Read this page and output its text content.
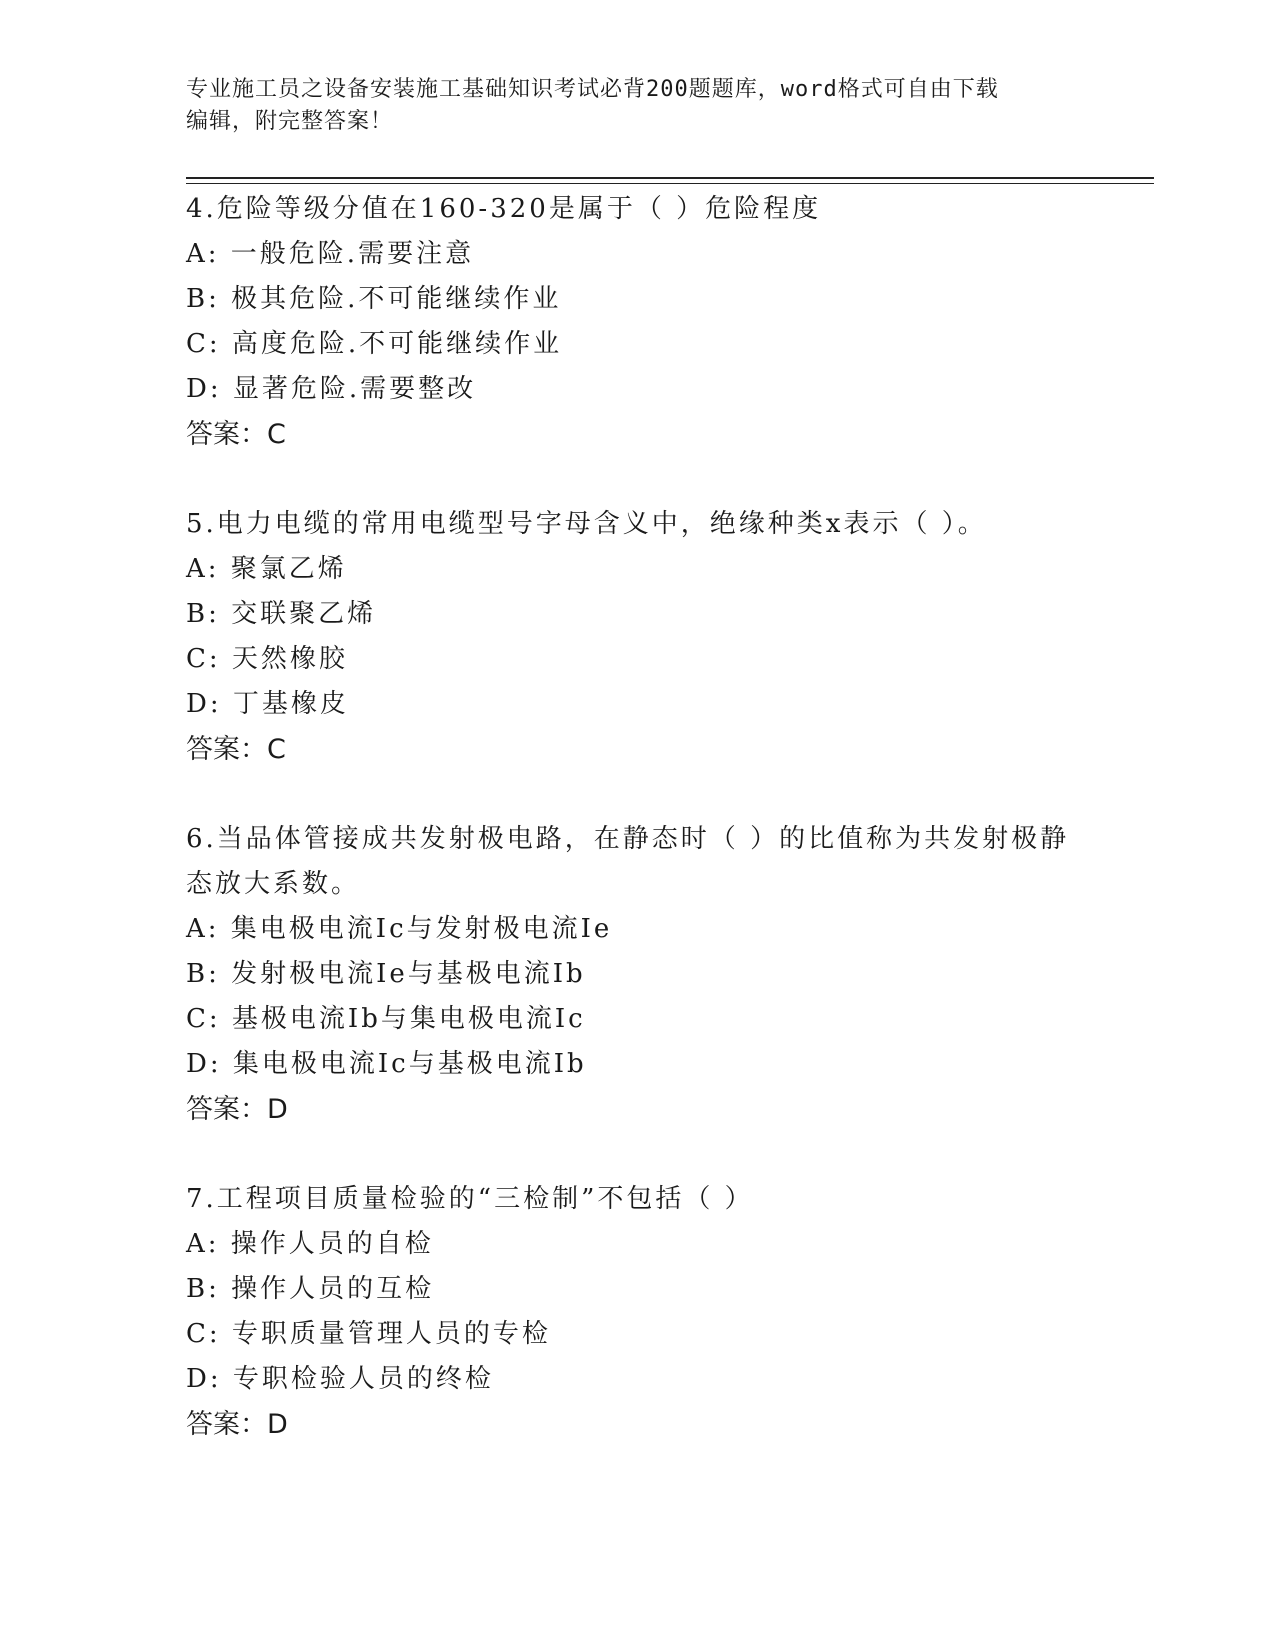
专业施工员之设备安装施工基础知识考试必背200题题库，word格式可自由下载
编辑，附完整答案！

4.危险等级分值在160-320是属于（ ）危险程度

A: 一般危险.需要注意

B: 极其危险.不可能继续作业

C: 高度危险.不可能继续作业

D: 显著危险.需要整改

答案：C

5.电力电缆的常用电缆型号字母含义中，绝缘种类x表示（ ）。

A: 聚氯乙烯

B: 交联聚乙烯

C: 天然橡胶

D: 丁基橡皮

答案：C

6.当品体管接成共发射极电路，在静态时（ ）的比值称为共发射极静

态放大系数。

A: 集电极电流Ic与发射极电流Ie

B: 发射极电流Ie与基极电流Ib

C: 基极电流Ib与集电极电流Ic

D: 集电极电流Ic与基极电流Ib

答案：D

7.工程项目质量检验的“三检制”不包括（ ）

A: 操作人员的自检

B: 操作人员的互检

C: 专职质量管理人员的专检

D: 专职检验人员的终检

答案：D
